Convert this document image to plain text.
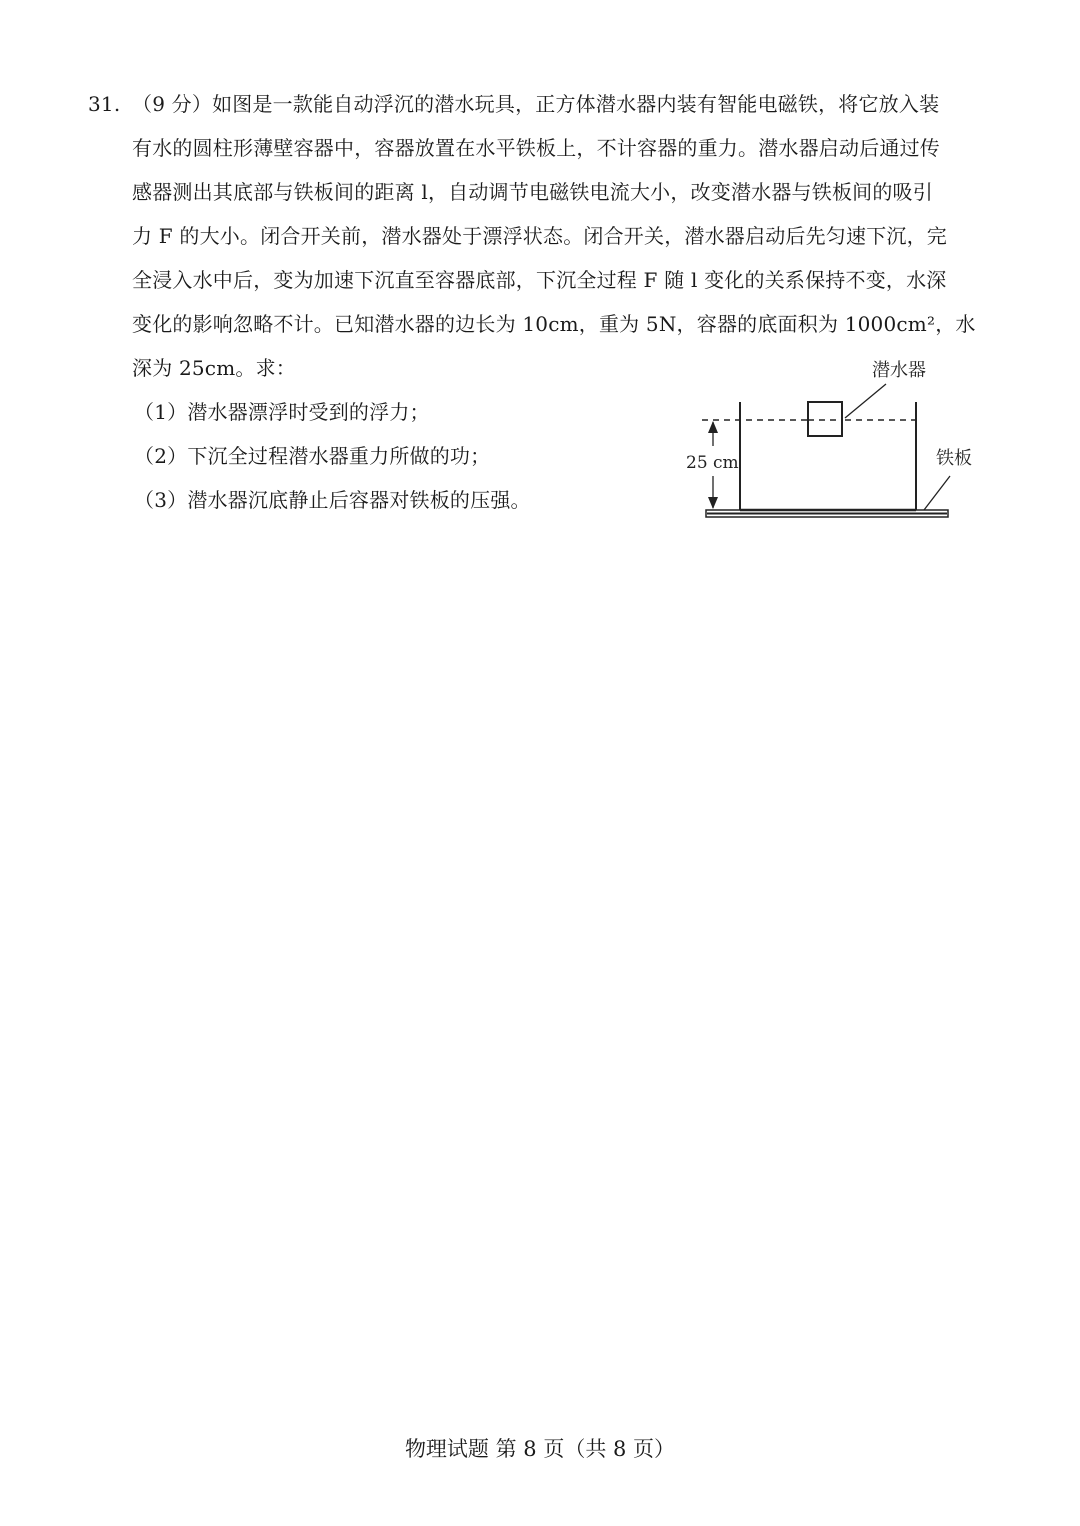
31. （9 分）如图是一款能自动浮沉的潜水玩具，正方体潜水器内装有智能电磁铁，将它放入装
有水的圆柱形薄壁容器中，容器放置在水平铁板上，不计容器的重力。潜水器启动后通过传
感器测出其底部与铁板间的距离 l，自动调节电磁铁电流大小，改变潜水器与铁板间的吸引
力 F 的大小。闭合开关前，潜水器处于漂浮状态。闭合开关，潜水器启动后先匀速下沉，完
全浸入水中后，变为加速下沉直至容器底部，下沉全过程 F 随 l 变化的关系保持不变，水深
变化的影响忽略不计。已知潜水器的边长为 10cm，重为 5N，容器的底面积为 1000cm²，水
深为 25cm。求：
（1）潜水器漂浮时受到的浮力；
（2）下沉全过程潜水器重力所做的功；
（3）潜水器沉底静止后容器对铁板的压强。
潜水器
铁板
25 cm
物理试题 第 8 页（共 8 页）
